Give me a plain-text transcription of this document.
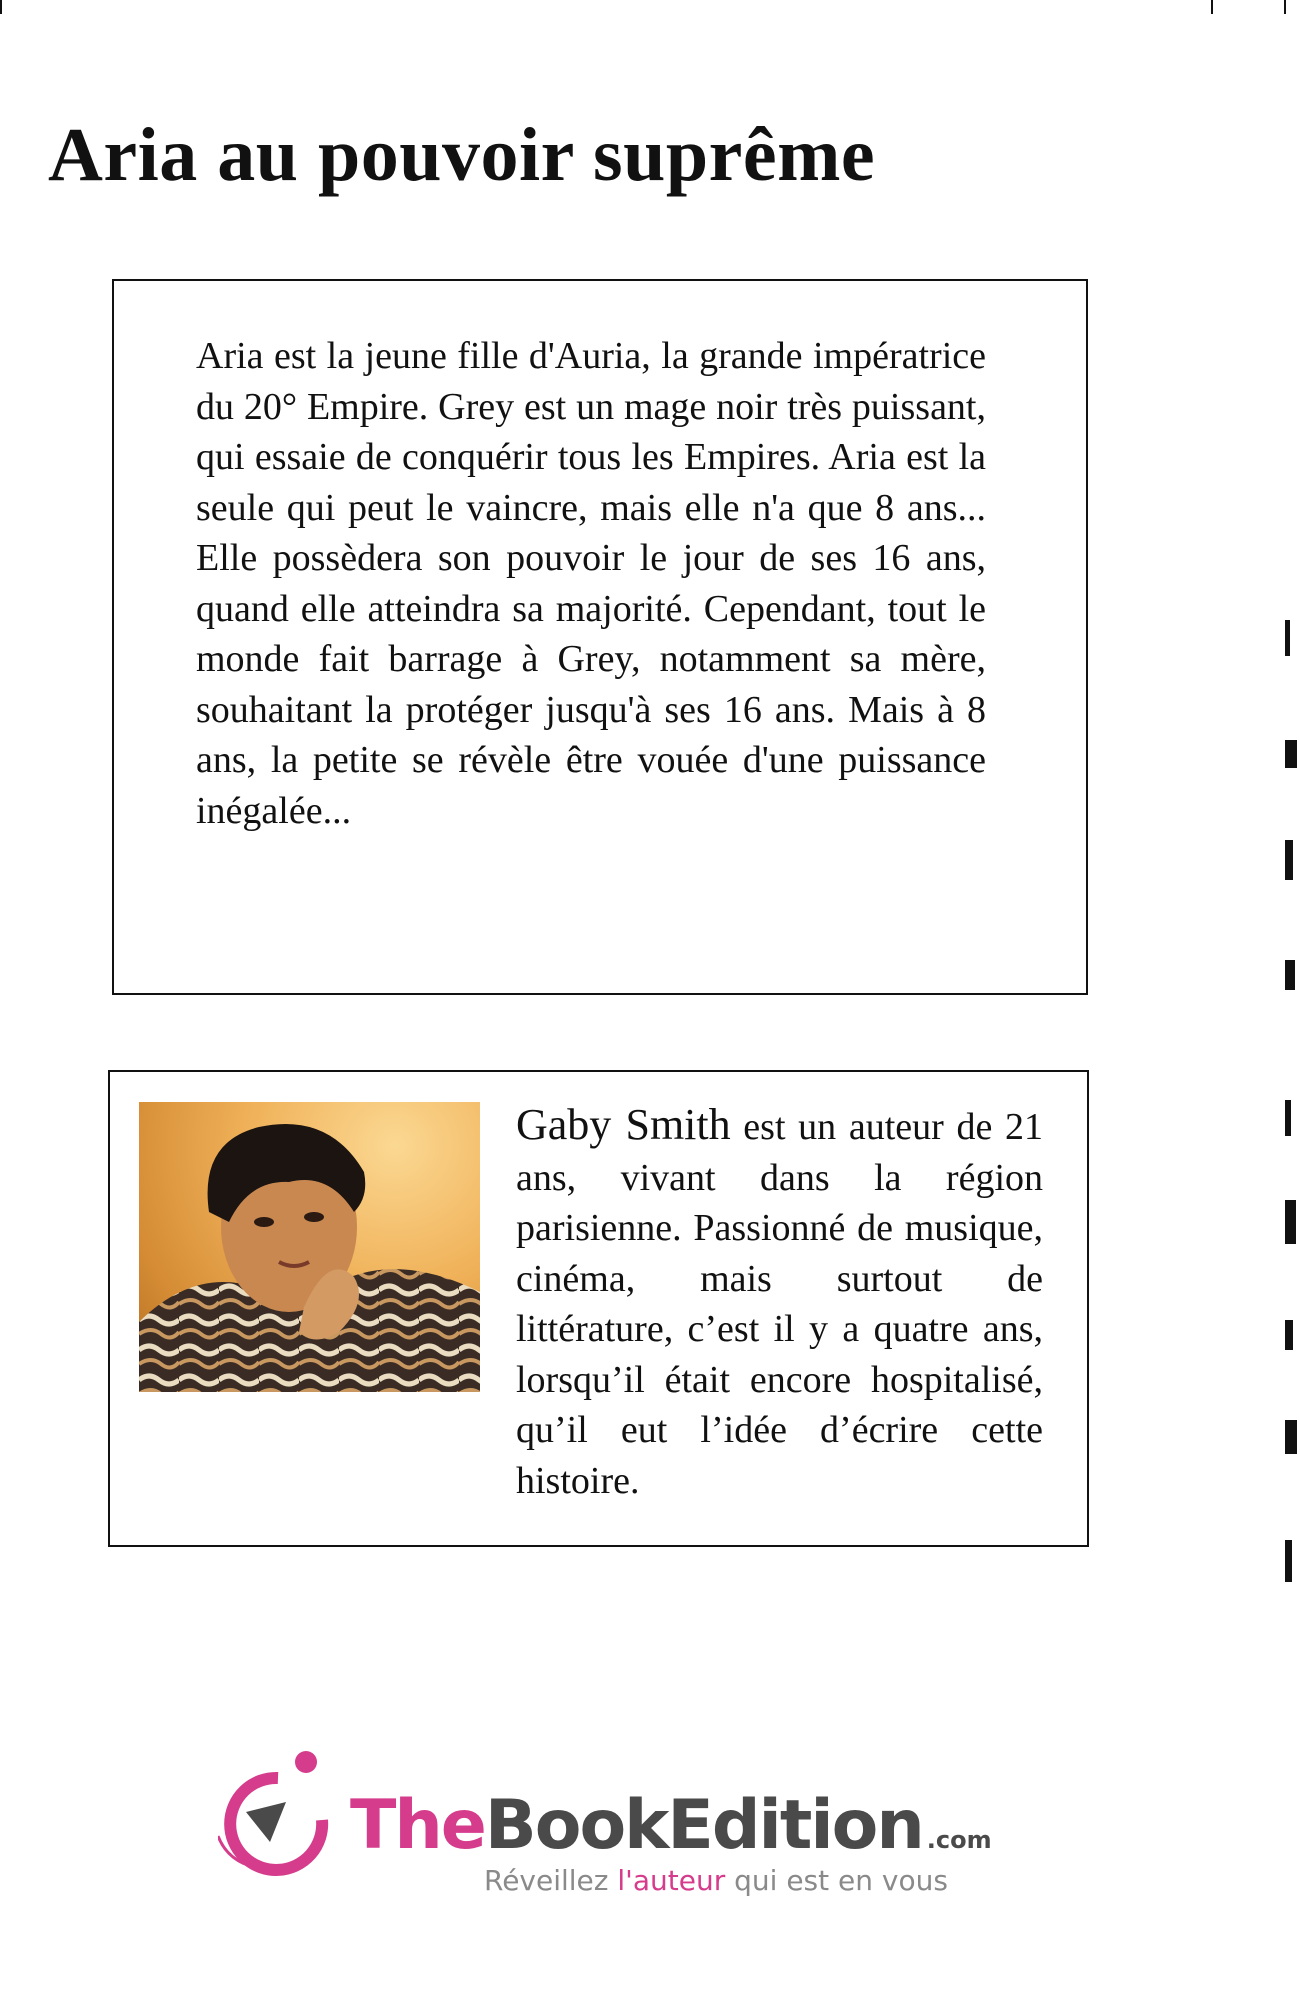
Aria au pouvoir suprême

Aria est la jeune fille d'Auria, la grande impératrice du 20° Empire. Grey est un mage noir très puissant, qui essaie de conquérir tous les Empires. Aria est la seule qui peut le vaincre, mais elle n'a que 8 ans... Elle possèdera son pouvoir le jour de ses 16 ans, quand elle atteindra sa majorité. Cependant, tout le monde fait barrage à Grey, notamment sa mère, souhaitant la protéger jusqu'à ses 16 ans. Mais à 8 ans, la petite se révèle être vouée d'une puissance inégalée...

Gaby Smith est un auteur de 21 ans, vivant dans la région parisienne. Passionné de musique, cinéma, mais surtout de littérature, c’est il y a quatre ans, lorsqu’il était encore hospitalisé, qu’il eut l’idée d’écrire cette histoire.

TheBookEdition .com
Réveillez l'auteur qui est en vous
